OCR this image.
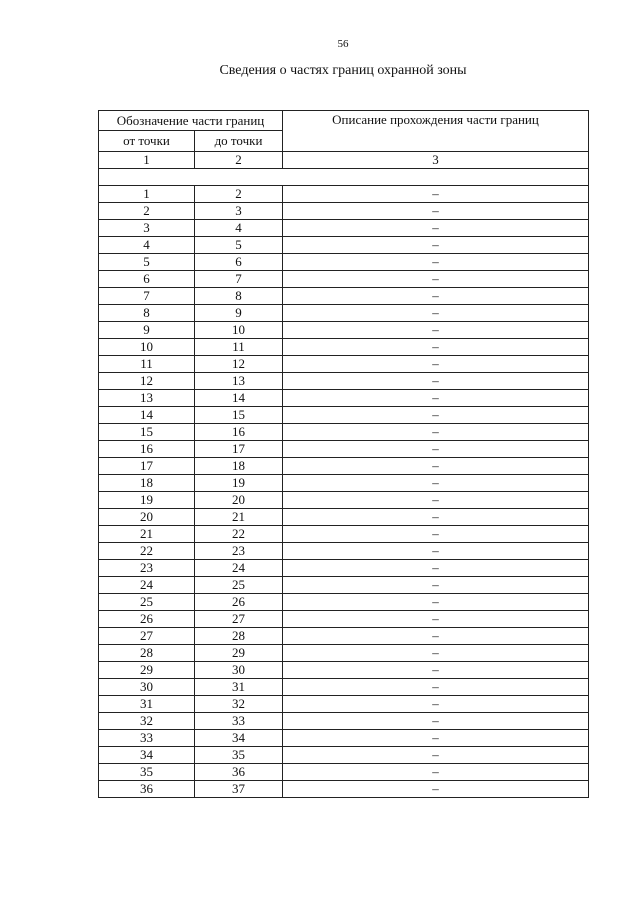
56
Сведения о частях границ охранной зоны
Обозначение части границ		Описание прохождения части границ
от точки	до точки	
1	2	3

1	2	–
2	3	–
3	4	–
4	5	–
5	6	–
6	7	–
7	8	–
8	9	–
9	10	–
10	11	–
11	12	–
12	13	–
13	14	–
14	15	–
15	16	–
16	17	–
17	18	–
18	19	–
19	20	–
20	21	–
21	22	–
22	23	–
23	24	–
24	25	–
25	26	–
26	27	–
27	28	–
28	29	–
29	30	–
30	31	–
31	32	–
32	33	–
33	34	–
34	35	–
35	36	–
36	37	–
